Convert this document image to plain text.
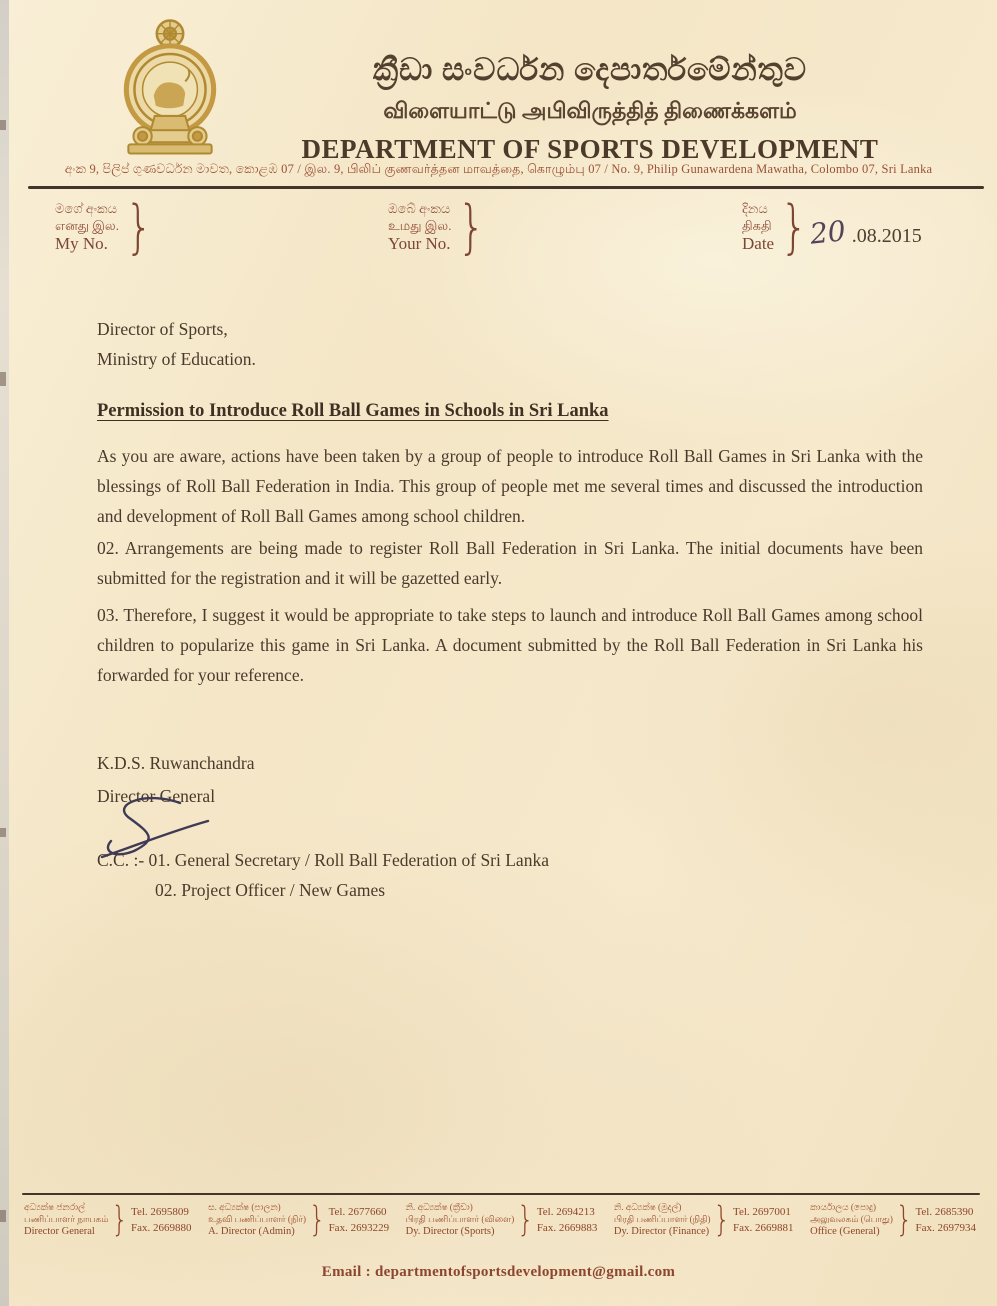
ක්‍රීඩා සංවර්ධන දෙපාර්තමේන්තුව
விளையாட்டு அபிவிருத்தித் திணைக்களம்
DEPARTMENT OF SPORTS DEVELOPMENT
අංක 9, පිලිප් ගුණවර්ධන මාවත, කොළඹ 07 / இல. 9, பிலிப் குணவர்த்தன மாவத்தை, கொழும்பு 07 / No. 9, Philip Gunawardena Mawatha, Colombo 07, Sri Lanka
මගේ අංකය
எனது இல.
My No. }	ඔබේ අංකය
உமது இல.
Your No. }	දිනය
திகதி
Date } 20 .08.2015
Director of Sports,
Ministry of Education.
Permission to Introduce Roll Ball Games in Schools in Sri Lanka
As you are aware, actions have been taken by a group of people to introduce Roll Ball Games in Sri Lanka with the blessings of Roll Ball Federation in India. This group of people met me several times and discussed the introduction and development of Roll Ball Games among school children.
02. Arrangements are being made to register Roll Ball Federation in Sri Lanka. The initial documents have been submitted for the registration and it will be gazetted early.
03. Therefore, I suggest it would be appropriate to take steps to launch and introduce Roll Ball Games among school children to popularize this game in Sri Lanka. A document submitted by the Roll Ball Federation in Sri Lanka his forwarded for your reference.
K.D.S. Ruwanchandra
Director General
C.C. :- 01. General Secretary / Roll Ball Federation of Sri Lanka
02. Project Officer / New Games
අධ්‍යක්ෂ ජනරාල්
பணிப்பாளர் நாயகம்
Director General } Tel. 2695809
Fax. 2669880
ස. අධ්‍යක්ෂ (පාලන)
உதவி பணிப்பாளர் (நிர்)
A. Director (Admin) } Tel. 2677660
Fax. 2693229
නි. අධ්‍යක්ෂ (ක්‍රීඩා)
பிரதி பணிப்பாளர் (விளை)
Dy. Director (Sports) } Tel. 2694213
Fax. 2669883
නි. අධ්‍යක්ෂ (මුදල්)
பிரதி பணிப்பாளர் (நிதி)
Dy. Director (Finance) } Tel. 2697001
Fax. 2669881
කාර්යාලය (පොදු)
அலுவலகம் (பொது)
Office (General) } Tel. 2685390
Fax. 2697934
Email : departmentofsportsdevelopment@gmail.com
